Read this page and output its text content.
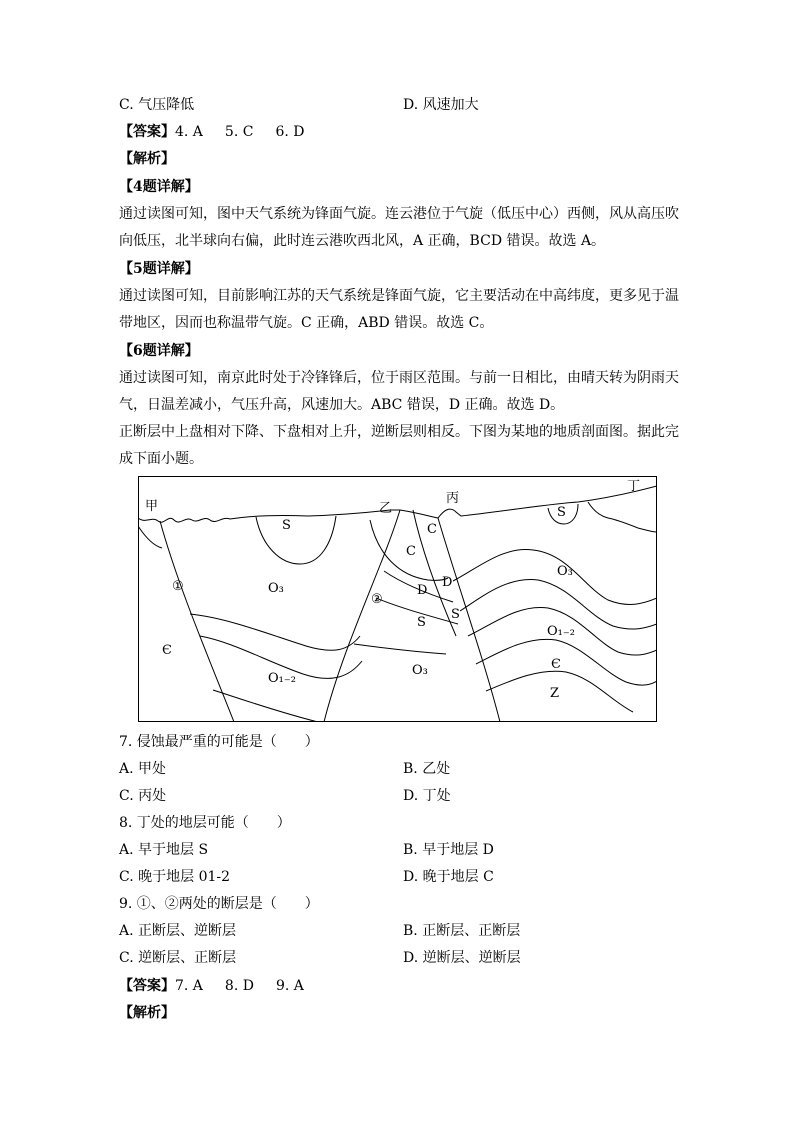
C. 气压降低	D. 风速加大
【答案】4. A 5. C 6. D
【解析】
【4题详解】
通过读图可知，图中天气系统为锋面气旋。连云港位于气旋（低压中心）西侧，风从高压吹
向低压，北半球向右偏，此时连云港吹西北风，A 正确，BCD 错误。故选 A。
【5题详解】
通过读图可知，目前影响江苏的天气系统是锋面气旋，它主要活动在中高纬度，更多见于温
带地区，因而也称温带气旋。C 正确，ABD 错误。故选 C。
【6题详解】
通过读图可知，南京此时处于冷锋锋后，位于雨区范围。与前一日相比，由晴天转为阴雨天
气，日温差减小，气压升高，风速加大。ABC 错误，D 正确。故选 D。
正断层中上盘相对下降、下盘相对上升，逆断层则相反。下图为某地的地质剖面图。据此完
成下面小题。
甲	乙
丙
丁
①
②
S
O₃
Є
O₁₋₂
C
C
D
D
S
S
O₃
S
O₃
O₁₋₂
Є
Z
7. 侵蚀最严重的可能是（　　）
A. 甲处	B. 乙处
C. 丙处	D. 丁处
8. 丁处的地层可能（　　）
A. 早于地层 S	B. 早于地层 D
C. 晚于地层 01-2	D. 晚于地层 C
9. ①、②两处的断层是（　　）
A. 正断层、逆断层	B. 正断层、正断层
C. 逆断层、正断层	D. 逆断层、逆断层
【答案】7. A 8. D 9. A
【解析】
